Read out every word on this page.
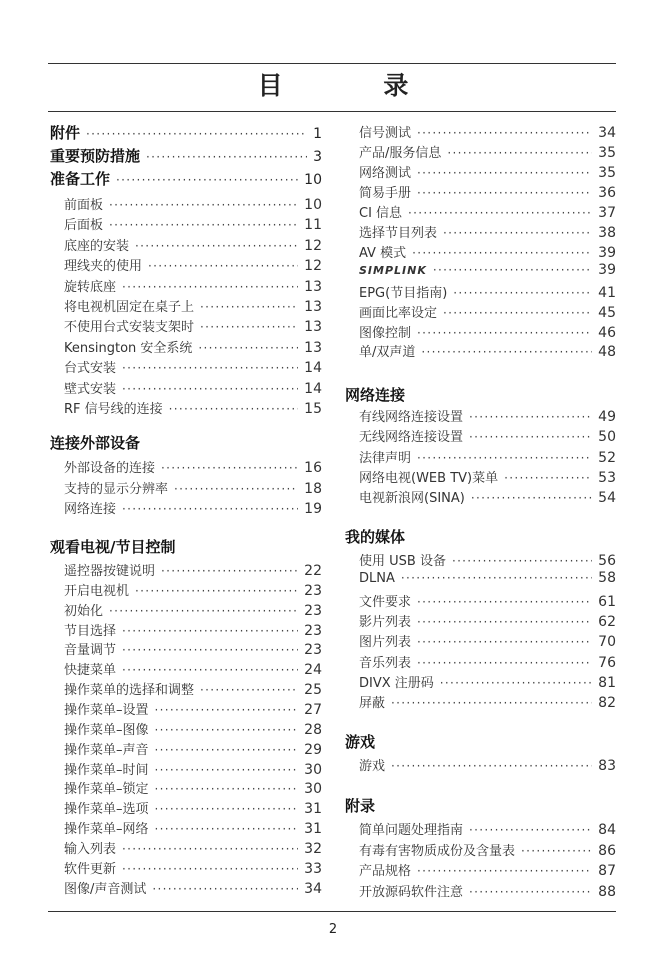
目 录
连接外部设备
观看电视/节目控制
附件 ·····	1
重要预防措施 ·····	3
准备工作 ·····	10
前面板 ·····	10
后面板 ·····	11
底座的安装 ·····	12
理线夹的使用 ·····	12
旋转底座 ·····	13
将电视机固定在桌子上 ·····	13
不使用台式安装支架时 ·····	13
Kensington 安全系统 ·····	13
台式安装 ·····	14
壁式安装 ·····	14
RF 信号线的连接 ·····	15
外部设备的连接 ·····	16
支持的显示分辨率 ·····	18
网络连接 ·····	19
遥控器按键说明 ·····	22
开启电视机 ·····	23
初始化 ·····	23
节目选择 ·····	23
音量调节 ·····	23
快捷菜单 ·····	24
操作菜单的选择和调整 ·····	25
操作菜单–设置 ·····	27
操作菜单–图像 ·····	28
操作菜单–声音 ·····	29
操作菜单–时间 ·····	30
操作菜单–锁定 ·····	30
操作菜单–选项 ·····	31
操作菜单–网络 ·····	31
输入列表 ·····	32
软件更新 ·····	33
图像/声音测试 ·····	34
网络连接
我的媒体
游戏
附录
信号测试 ·····	34
产品/服务信息 ·····	35
网络测试 ·····	35
简易手册 ·····	36
CI 信息 ·····	37
选择节目列表 ·····	38
AV 模式 ·····	39
SIMPLINK ·····	39
EPG(节目指南) ·····	41
画面比率设定 ·····	45
图像控制 ·····	46
单/双声道 ·····	48
有线网络连接设置 ·····	49
无线网络连接设置 ·····	50
法律声明 ·····	52
网络电视(WEB TV)菜单 ·····	53
电视新浪网(SINA) ·····	54
使用 USB 设备 ·····	56
DLNA ·····	58
文件要求 ·····	61
影片列表 ·····	62
图片列表 ·····	70
音乐列表 ·····	76
DIVX 注册码 ·····	81
屏蔽 ·····	82
游戏 ·····	83
简单问题处理指南 ·····	84
有毒有害物质成份及含量表 ·····	86
产品规格 ·····	87
开放源码软件注意 ·····	88
2
